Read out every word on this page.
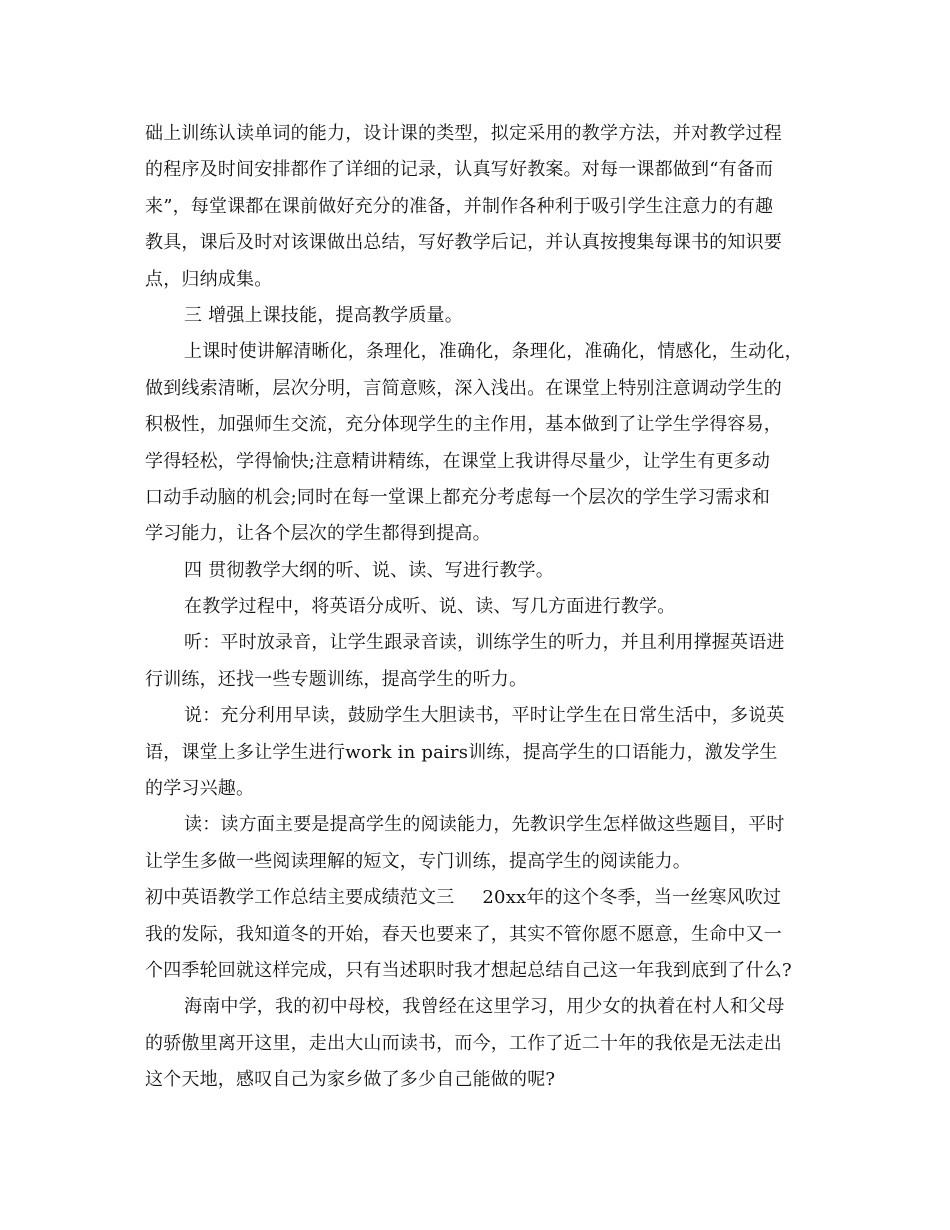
础上训练认读单词的能力，设计课的类型，拟定采用的教学方法，并对教学过程
的程序及时间安排都作了详细的记录，认真写好教案。对每一课都做到“有备而
来”，每堂课都在课前做好充分的准备，并制作各种利于吸引学生注意力的有趣
教具，课后及时对该课做出总结，写好教学后记，并认真按搜集每课书的知识要
点，归纳成集。
三 增强上课技能，提高教学质量。
上课时使讲解清晰化，条理化，准确化，条理化，准确化，情感化，生动化，
做到线索清晰，层次分明，言简意赅，深入浅出。在课堂上特别注意调动学生的
积极性，加强师生交流，充分体现学生的主作用，基本做到了让学生学得容易，
学得轻松，学得愉快;注意精讲精练，在课堂上我讲得尽量少，让学生有更多动
口动手动脑的机会;同时在每一堂课上都充分考虑每一个层次的学生学习需求和
学习能力，让各个层次的学生都得到提高。
四 贯彻教学大纲的听、说、读、写进行教学。
在教学过程中，将英语分成听、说、读、写几方面进行教学。
听：平时放录音，让学生跟录音读，训练学生的听力，并且利用撑握英语进
行训练，还找一些专题训练，提高学生的听力。
说：充分利用早读，鼓励学生大胆读书，平时让学生在日常生活中，多说英
语，课堂上多让学生进行work in pairs训练，提高学生的口语能力，激发学生
的学习兴趣。
读：读方面主要是提高学生的阅读能力，先教识学生怎样做这些题目，平时
让学生多做一些阅读理解的短文，专门训练，提高学生的阅读能力。
初中英语教学工作总结主要成绩范文三 20xx年的这个冬季，当一丝寒风吹过
我的发际，我知道冬的开始，春天也要来了，其实不管你愿不愿意，生命中又一
个四季轮回就这样完成，只有当述职时我才想起总结自己这一年我到底到了什么?
海南中学，我的初中母校，我曾经在这里学习，用少女的执着在村人和父母
的骄傲里离开这里，走出大山而读书，而今，工作了近二十年的我依是无法走出
这个天地，感叹自己为家乡做了多少自己能做的呢?
